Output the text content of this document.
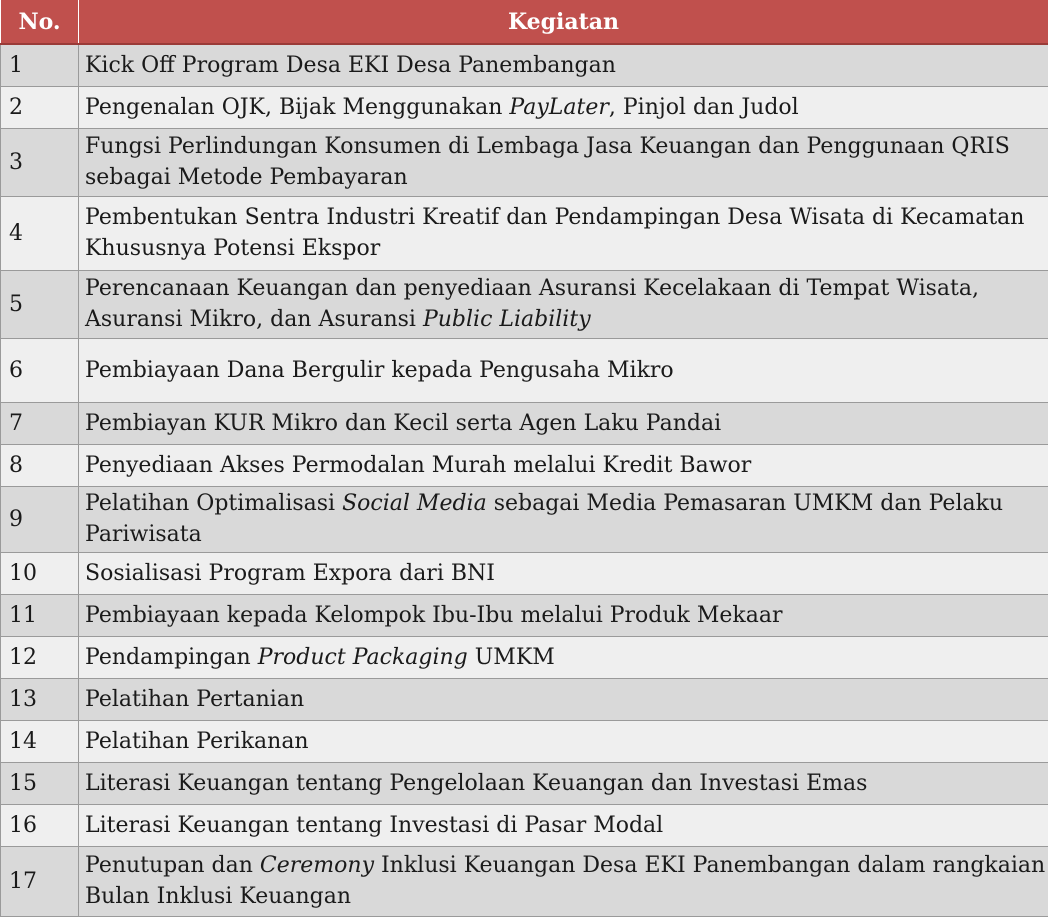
No.	Kegiatan
1	Kick Off Program Desa EKI Desa Panembangan
2	Pengenalan OJK, Bijak Menggunakan PayLater, Pinjol dan Judol
3	Fungsi Perlindungan Konsumen di Lembaga Jasa Keuangan dan Penggunaan QRIS sebagai Metode Pembayaran
4	Pembentukan Sentra Industri Kreatif dan Pendampingan Desa Wisata di Kecamatan Khususnya Potensi Ekspor
5	Perencanaan Keuangan dan penyediaan Asuransi Kecelakaan di Tempat Wisata, Asuransi Mikro, dan Asuransi Public Liability
6	Pembiayaan Dana Bergulir kepada Pengusaha Mikro
7	Pembiayan KUR Mikro dan Kecil serta Agen Laku Pandai
8	Penyediaan Akses Permodalan Murah melalui Kredit Bawor
9	Pelatihan Optimalisasi Social Media sebagai Media Pemasaran UMKM dan Pelaku Pariwisata
10	Sosialisasi Program Expora dari BNI
11	Pembiayaan kepada Kelompok Ibu-Ibu melalui Produk Mekaar
12	Pendampingan Product Packaging UMKM
13	Pelatihan Pertanian
14	Pelatihan Perikanan
15	Literasi Keuangan tentang Pengelolaan Keuangan dan Investasi Emas
16	Literasi Keuangan tentang Investasi di Pasar Modal
17	Penutupan dan Ceremony Inklusi Keuangan Desa EKI Panembangan dalam rangkaian Bulan Inklusi Keuangan
